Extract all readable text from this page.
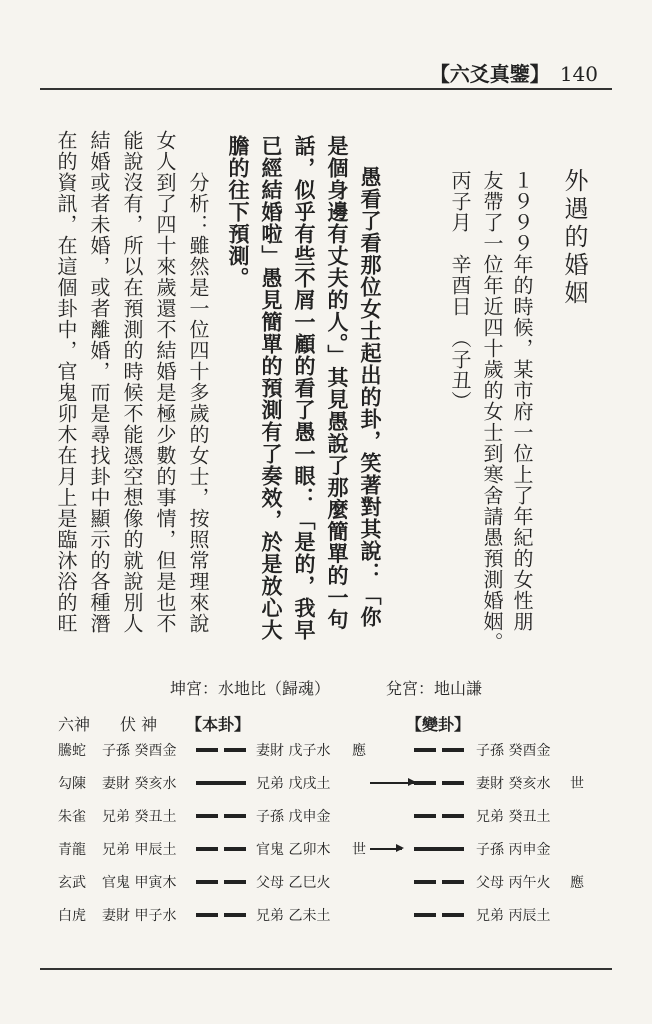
【六爻真鑒】 140
外遇的婚姻
１９９９年的時候，某市府一位上了年紀的女性朋
友帶了一位年近四十歲的女士到寒舍請愚預測婚姻。
丙子月　辛酉日　（子丑）
愚看了看那位女士起出的卦，笑著對其說：「你
是個身邊有丈夫的人。」其見愚說了那麼簡單的一句
話，似乎有些不屑一顧的看了愚一眼：「是的，我早
已經結婚啦」愚見簡單的預測有了奏效，於是放心大
膽的往下預測。
分析：雖然是一位四十多歲的女士，按照常理來說
女人到了四十來歲還不結婚是極少數的事情，但是也不
能說沒有，所以在預測的時候不能憑空想像的就說別人
結婚或者未婚，或者離婚，而是尋找卦中顯示的各種潛
在的資訊，在這個卦中，官鬼卯木在月上是臨沐浴的旺
坤宮：水地比（歸魂）	兌宮：地山謙
六神 伏 神 【本卦】	【變卦】
騰蛇 子孫 癸酉金	妻財 戊子水 應	子孫 癸酉金
勾陳 妻財 癸亥水	兄弟 戊戌土	妻財 癸亥水 世
朱雀 兄弟 癸丑土	子孫 戊申金	兄弟 癸丑土
青龍 兄弟 甲辰土	官鬼 乙卯木 世	子孫 丙申金
玄武 官鬼 甲寅木	父母 乙巳火	父母 丙午火 應
白虎 妻財 甲子水	兄弟 乙未土	兄弟 丙辰土
